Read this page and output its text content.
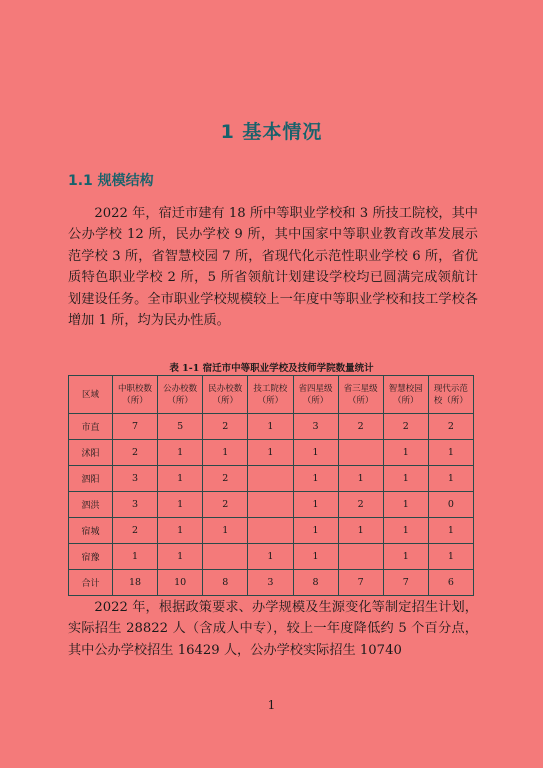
1 基本情况
1.1 规模结构

2022 年，宿迁市建有 18 所中等职业学校和 3 所技工院校，其中公办学校 12 所，民办学校 9 所，其中国家中等职业教育改革发展示范学校 3 所，省智慧校园 7 所，省现代化示范性职业学校 6 所，省优质特色职业学校 2 所，5 所省领航计划建设学校均已圆满完成领航计划建设任务。全市职业学校规模较上一年度中等职业学校和技工学校各增加 1 所，均为民办性质。

表 1-1 宿迁市中等职业学校及技师学院数量统计
区域	中职校数（所）	公办校数（所）	民办校数（所）	技工院校（所）	省四星级（所）	省三星级（所）	智慧校园（所）	现代示范校（所）
市直	7	5	2	1	3	2	2	2
沭阳	2	1	1	1	1		1	1
泗阳	3	1	2		1	1	1	1
泗洪	3	1	2		1	2	1	0
宿城	2	1	1		1	1	1	1
宿豫	1	1		1	1		1	1
合计	18	10	8	3	8	7	7	6

2022 年，根据政策要求、办学规模及生源变化等制定招生计划，实际招生 28822 人（含成人中专），较上一年度降低约 5 个百分点，其中公办学校招生 16429 人，公办学校实际招生 10740

1
